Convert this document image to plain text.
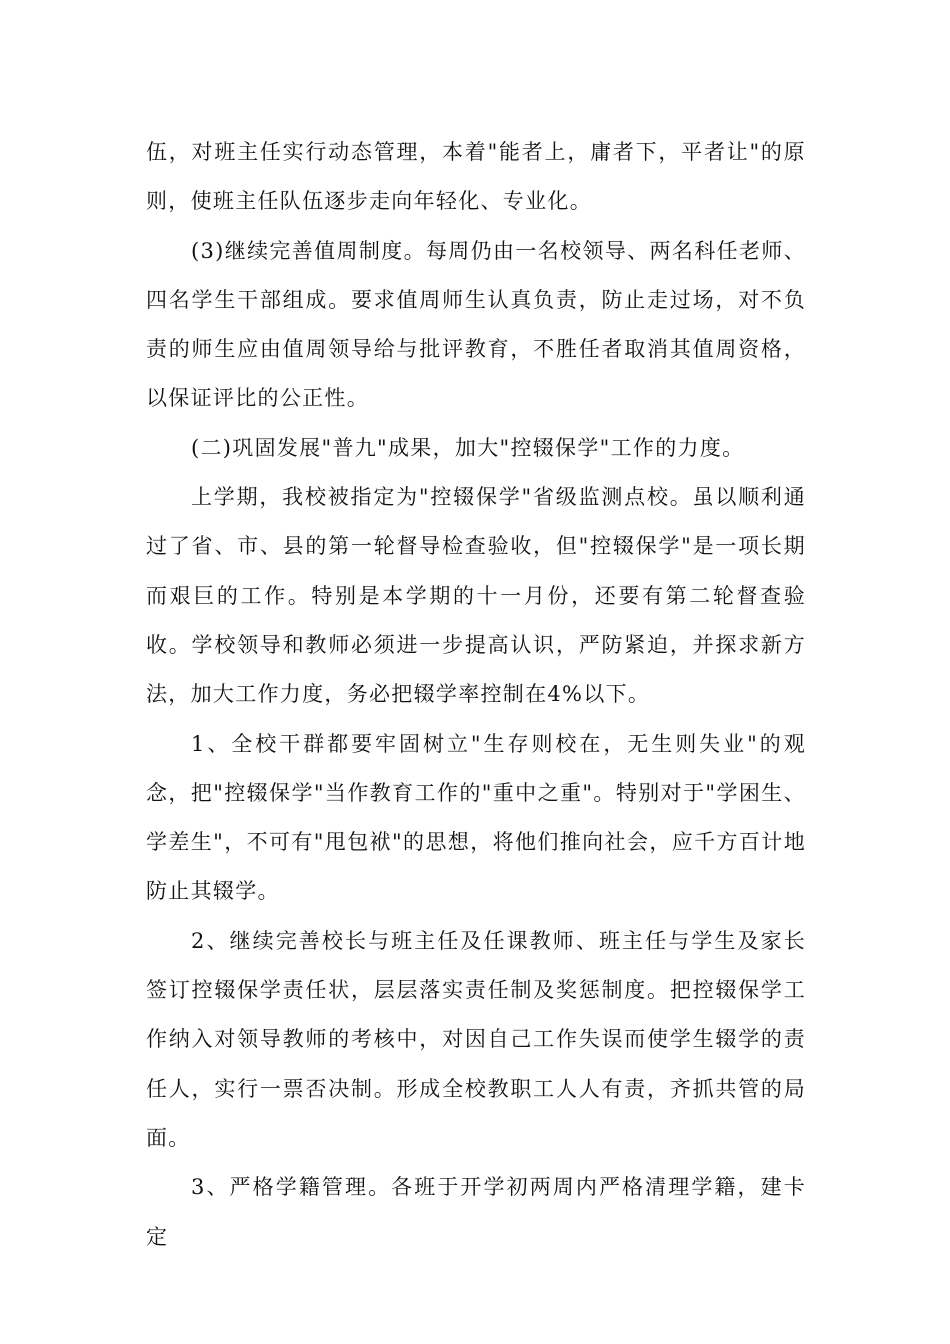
伍，对班主任实行动态管理，本着"能者上，庸者下，平者让"的原则，使班主任队伍逐步走向年轻化、专业化。

(3)继续完善值周制度。每周仍由一名校领导、两名科任老师、四名学生干部组成。要求值周师生认真负责，防止走过场，对不负责的师生应由值周领导给与批评教育，不胜任者取消其值周资格，以保证评比的公正性。

(二)巩固发展"普九"成果，加大"控辍保学"工作的力度。

上学期，我校被指定为"控辍保学"省级监测点校。虽以顺利通过了省、市、县的第一轮督导检查验收，但"控辍保学"是一项长期而艰巨的工作。特别是本学期的十一月份，还要有第二轮督查验收。学校领导和教师必须进一步提高认识，严防紧迫，并探求新方法，加大工作力度，务必把辍学率控制在4%以下。

1、全校干群都要牢固树立"生存则校在，无生则失业"的观念，把"控辍保学"当作教育工作的"重中之重"。特别对于"学困生、学差生"，不可有"甩包袱"的思想，将他们推向社会，应千方百计地防止其辍学。

2、继续完善校长与班主任及任课教师、班主任与学生及家长签订控辍保学责任状，层层落实责任制及奖惩制度。把控辍保学工作纳入对领导教师的考核中，对因自己工作失误而使学生辍学的责任人，实行一票否决制。形成全校教职工人人有责，齐抓共管的局面。

3、严格学籍管理。各班于开学初两周内严格清理学籍，建卡定
